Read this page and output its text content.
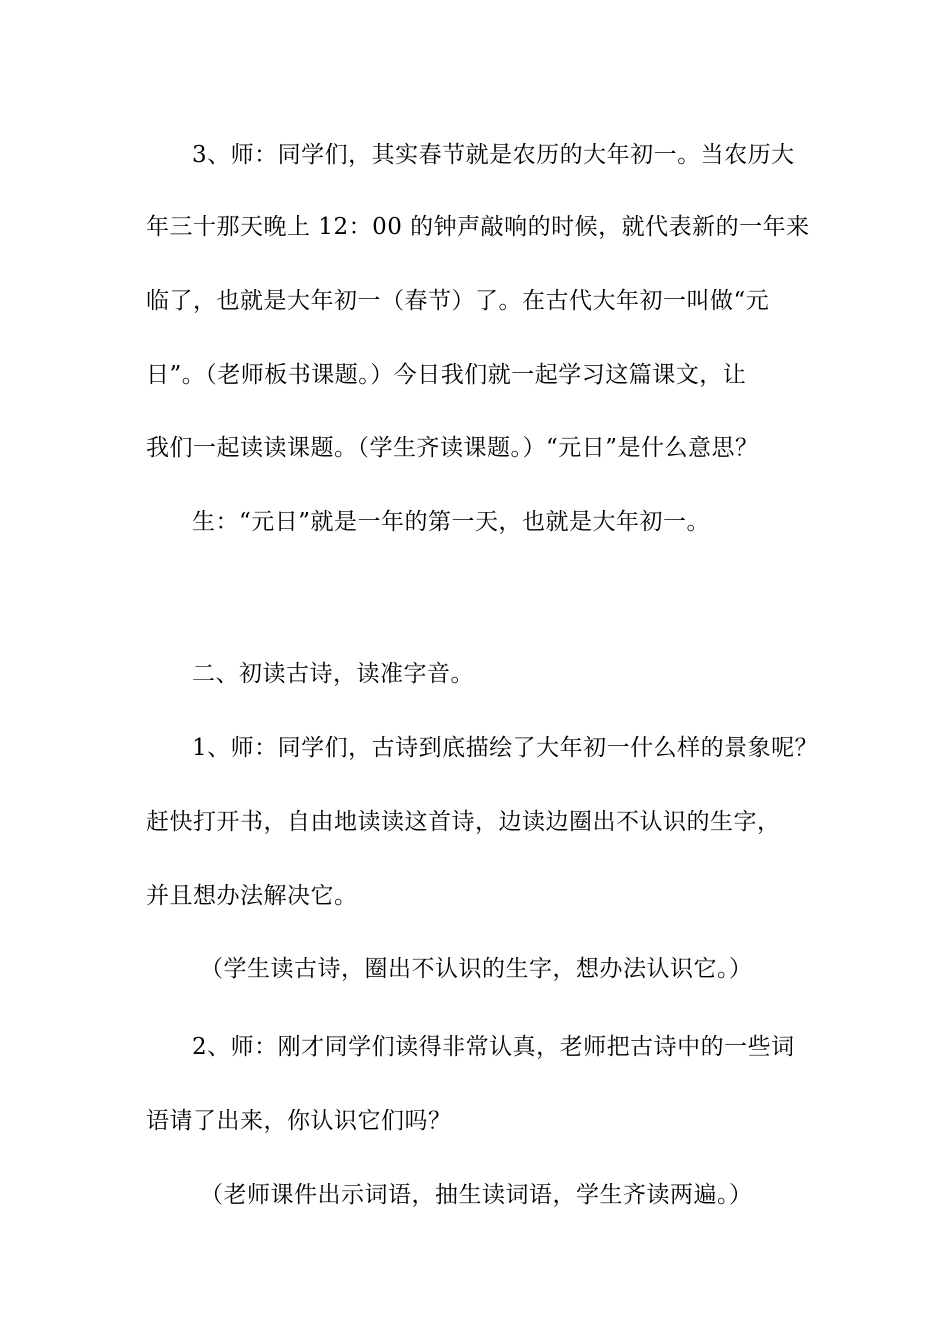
3、师：同学们，其实春节就是农历的大年初一。当农历大
年三十那天晚上 12：00 的钟声敲响的时候，就代表新的一年来
临了，也就是大年初一（春节）了。在古代大年初一叫做“元
日”。（老师板书课题。）今日我们就一起学习这篇课文，让
我们一起读读课题。（学生齐读课题。）“元日”是什么意思？
生：“元日”就是一年的第一天，也就是大年初一。
二、初读古诗，读准字音。
1、师：同学们，古诗到底描绘了大年初一什么样的景象呢？
赶快打开书，自由地读读这首诗，边读边圈出不认识的生字，
并且想办法解决它。
（学生读古诗，圈出不认识的生字，想办法认识它。）
2、师：刚才同学们读得非常认真，老师把古诗中的一些词
语请了出来，你认识它们吗？
（老师课件出示词语，抽生读词语，学生齐读两遍。）
